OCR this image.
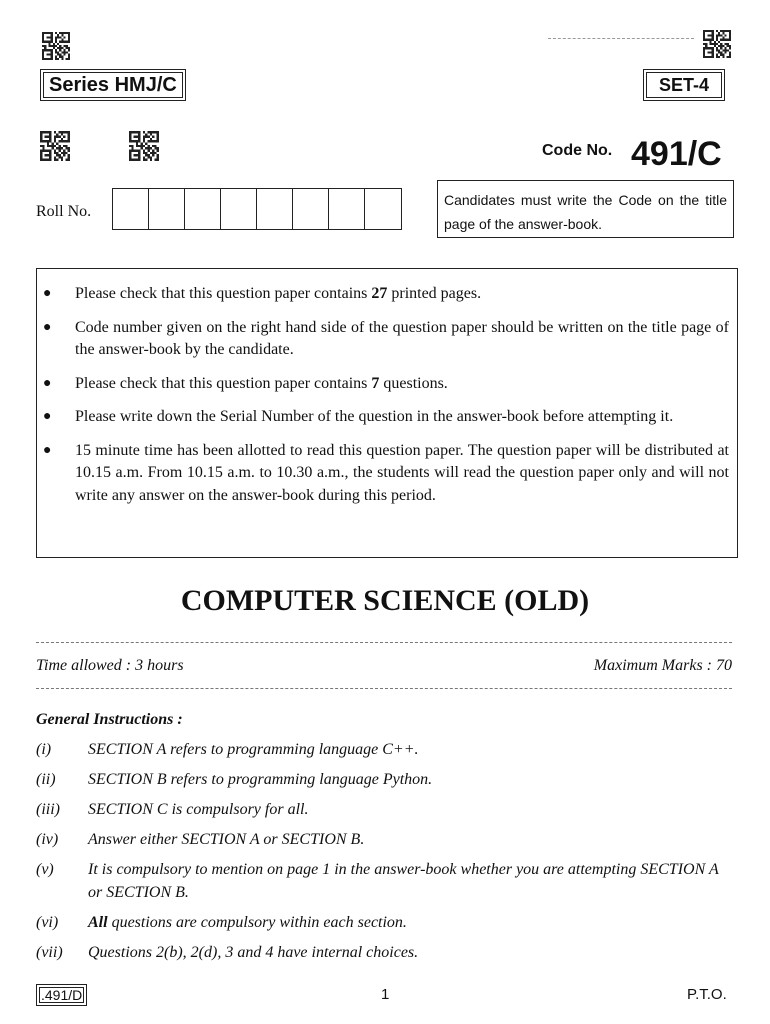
Series HMJ/C	SET-4
Code No. 491/C
Candidates must write the Code on the title page of the answer-book.
Roll No.
● Please check that this question paper contains 27 printed pages.
● Code number given on the right hand side of the question paper should be written on the title page of the answer-book by the candidate.
● Please check that this question paper contains 7 questions.
● Please write down the Serial Number of the question in the answer-book before attempting it.
● 15 minute time has been allotted to read this question paper. The question paper will be distributed at 10.15 a.m. From 10.15 a.m. to 10.30 a.m., the students will read the question paper only and will not write any answer on the answer-book during this period.
COMPUTER SCIENCE (OLD)
Time allowed : 3 hours	Maximum Marks : 70
General Instructions :
(i)	SECTION A refers to programming language C++.
(ii)	SECTION B refers to programming language Python.
(iii)	SECTION C is compulsory for all.
(iv)	Answer either SECTION A or SECTION B.
(v)	It is compulsory to mention on page 1 in the answer-book whether you are attempting SECTION A or SECTION B.
(vi)	All questions are compulsory within each section.
(vii)	Questions 2(b), 2(d), 3 and 4 have internal choices.
.491/D	1	P.T.O.
